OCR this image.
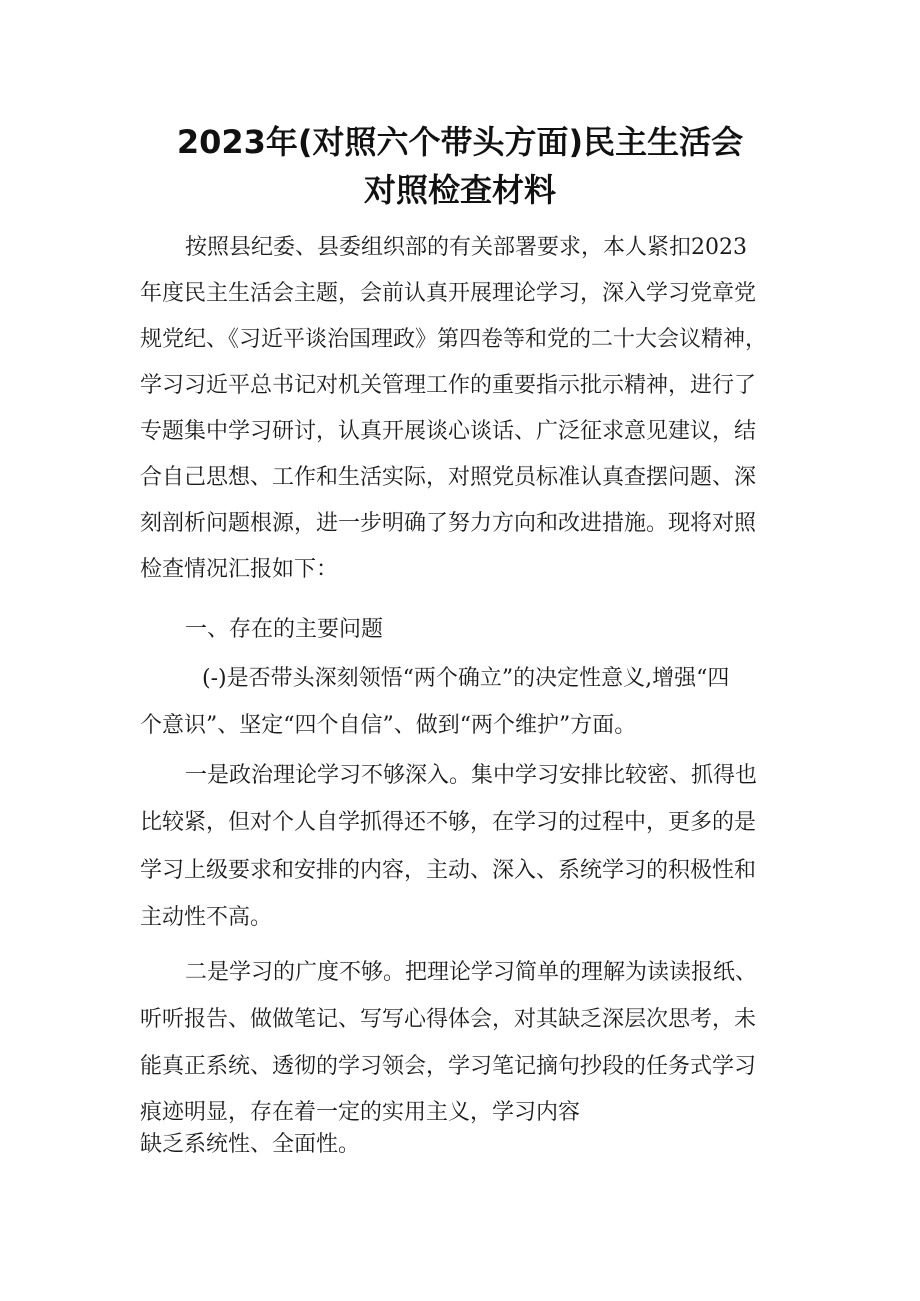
2023年(对照六个带头方面)民主生活会
对照检查材料
按照县纪委、县委组织部的有关部署要求，本人紧扣2023
年度民主生活会主题，会前认真开展理论学习，深入学习党章党
规党纪、《习近平谈治国理政》第四卷等和党的二十大会议精神，
学习习近平总书记对机关管理工作的重要指示批示精神，进行了
专题集中学习研讨，认真开展谈心谈话、广泛征求意见建议，结
合自己思想、工作和生活实际，对照党员标准认真查摆问题、深
刻剖析问题根源，进一步明确了努力方向和改进措施。现将对照
检查情况汇报如下：
一、存在的主要问题
(-)是否带头深刻领悟“两个确立”的决定性意义,增强“四
个意识”、坚定“四个自信”、做到“两个维护”方面。
一是政治理论学习不够深入。集中学习安排比较密、抓得也
比较紧，但对个人自学抓得还不够，在学习的过程中，更多的是
学习上级要求和安排的内容，主动、深入、系统学习的积极性和
主动性不高。
二是学习的广度不够。把理论学习简单的理解为读读报纸、
听听报告、做做笔记、写写心得体会，对其缺乏深层次思考，未
能真正系统、透彻的学习领会，学习笔记摘句抄段的任务式学习
痕迹明显，存在着一定的实用主义，学习内容
缺乏系统性、全面性。
